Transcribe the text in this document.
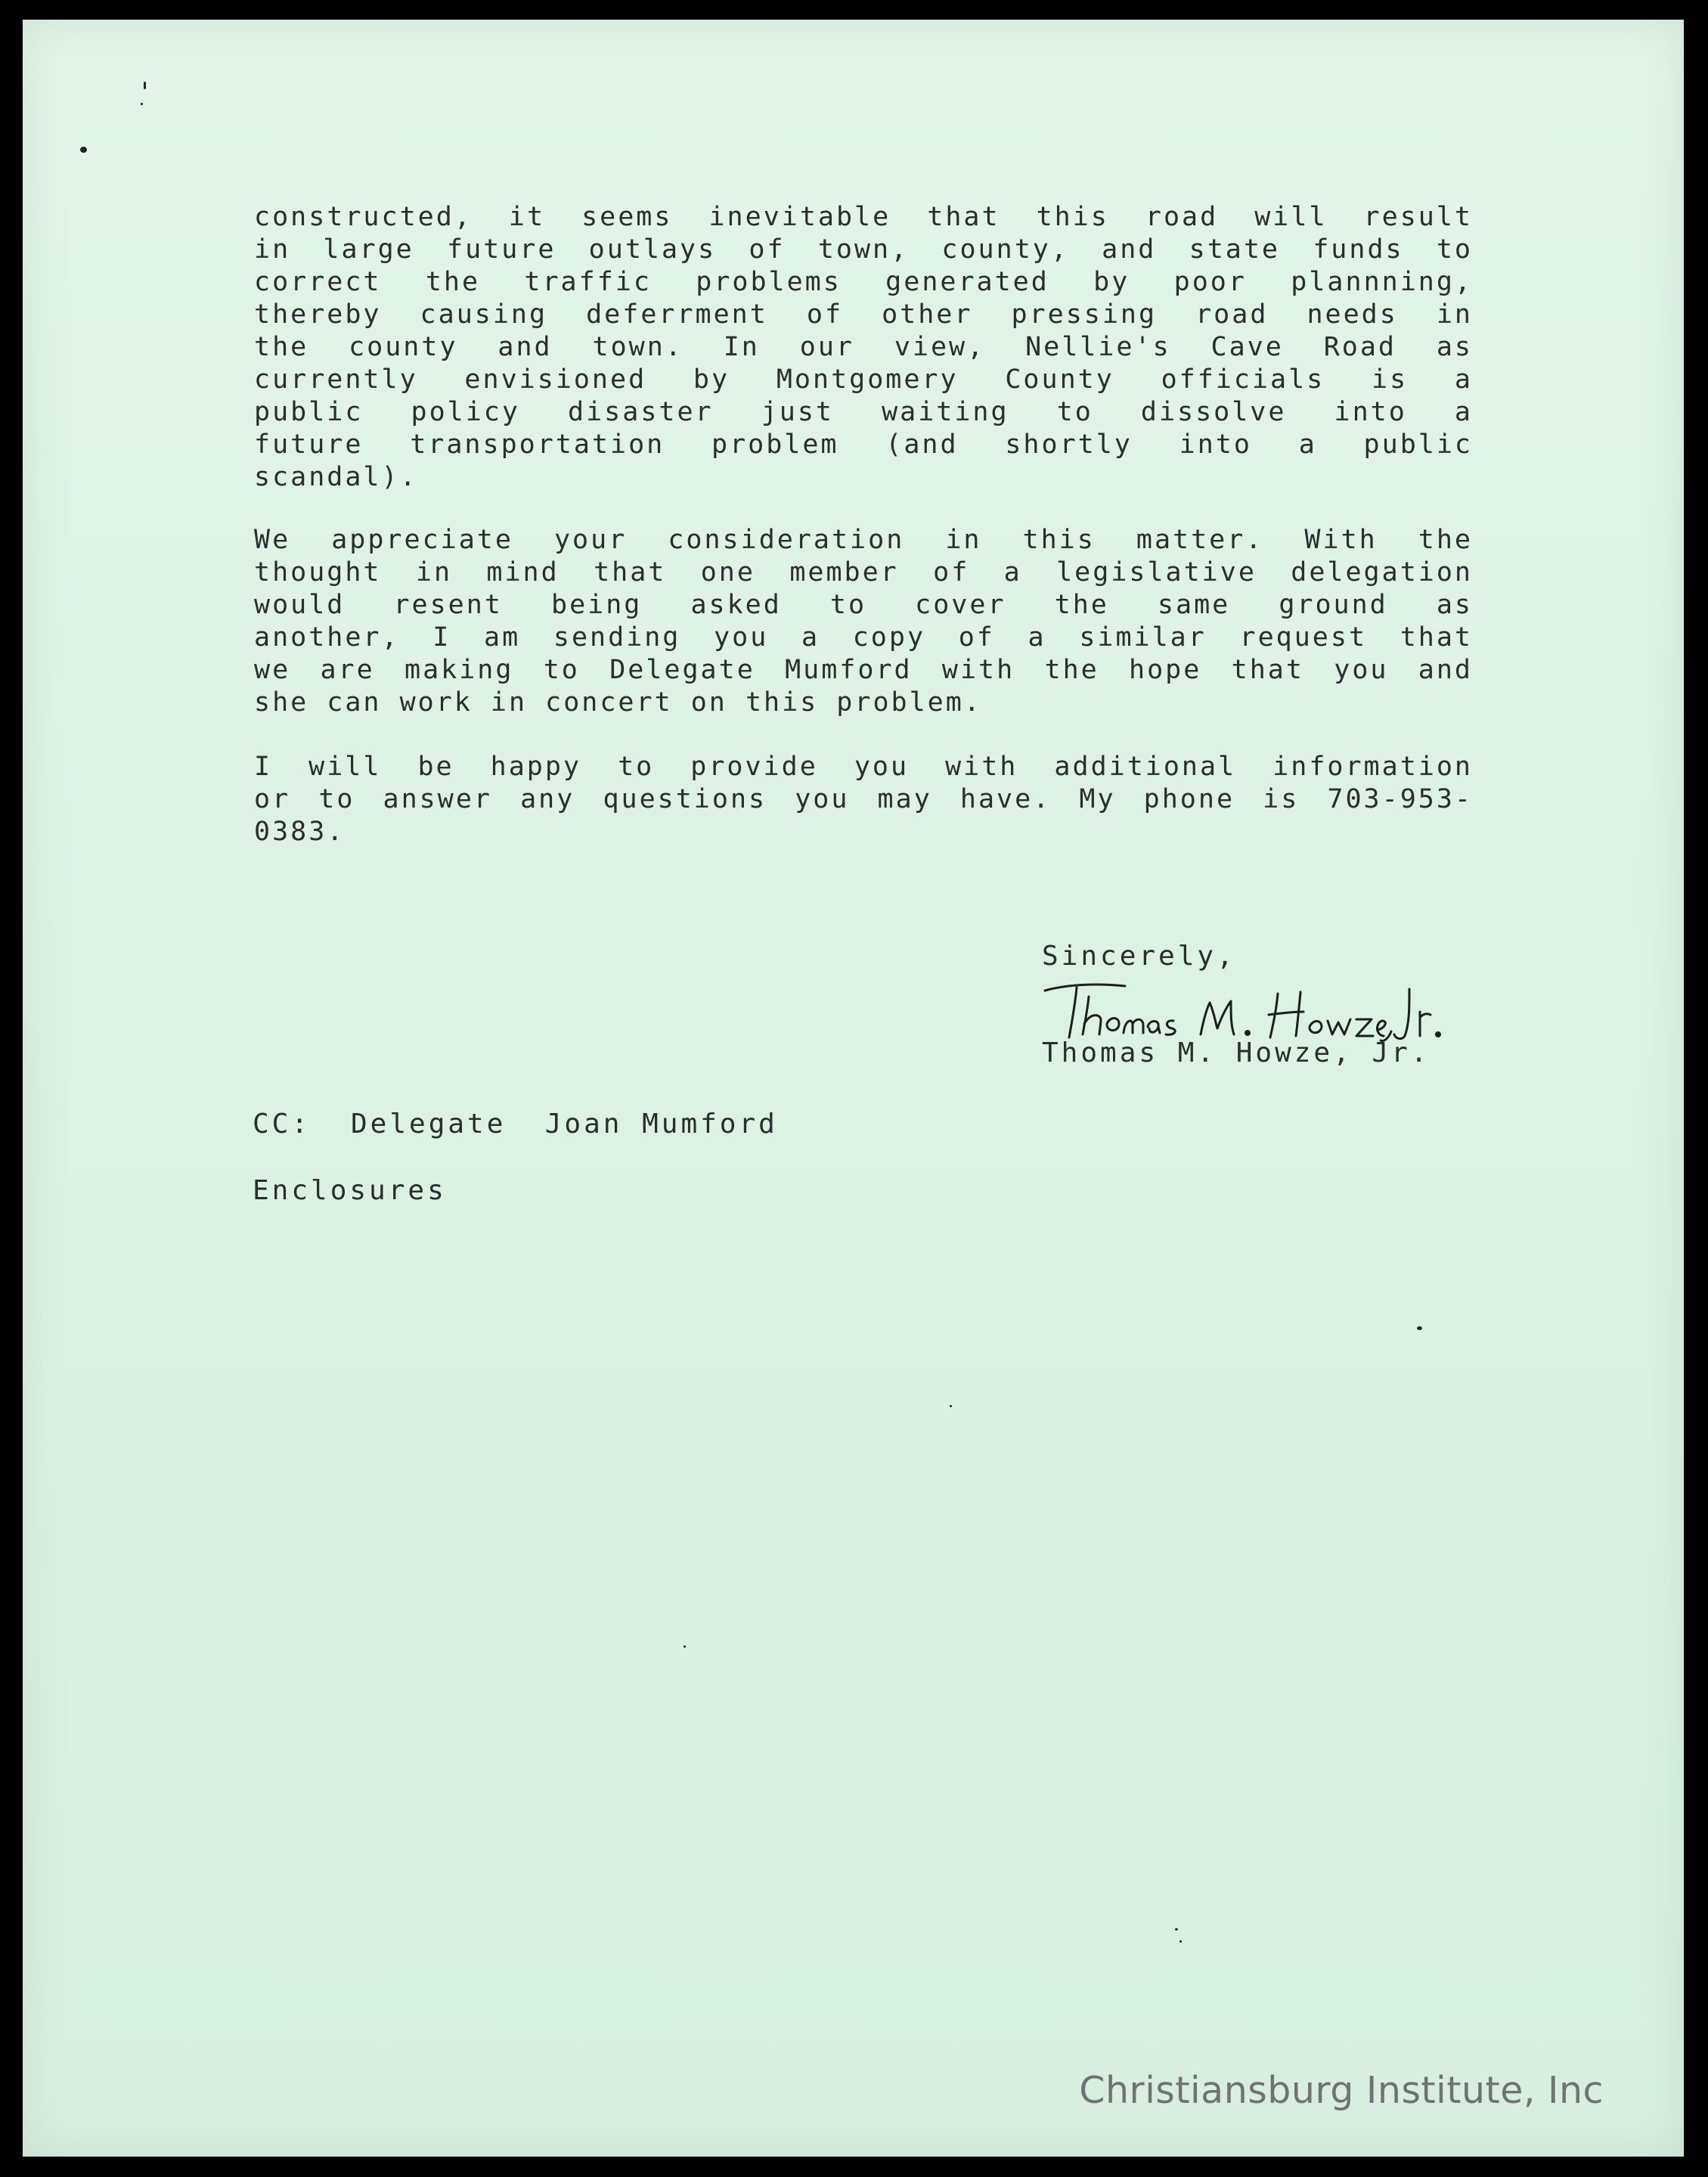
constructed, it seems inevitable that this road will result
in large future outlays of town, county, and state funds to
correct the traffic problems generated by poor plannning,
thereby causing deferrment of other pressing road needs in
the county and town. In our view, Nellie's Cave Road as
currently envisioned by Montgomery County officials is a
public policy disaster just waiting to dissolve into a
future transportation problem (and shortly into a public
scandal).
We appreciate your consideration in this matter. With the
thought in mind that one member of a legislative delegation
would resent being asked to cover the same ground as
another, I am sending you a copy of a similar request that
we are making to Delegate Mumford with the hope that you and
she can work in concert on this problem.
I will be happy to provide you with additional information
or to answer any questions you may have. My phone is 703-953-
0383.

Sincerely,

Thomas M. Howze, Jr.

CC: Delegate  Joan Mumford

Enclosures

Christiansburg Institute, Inc
